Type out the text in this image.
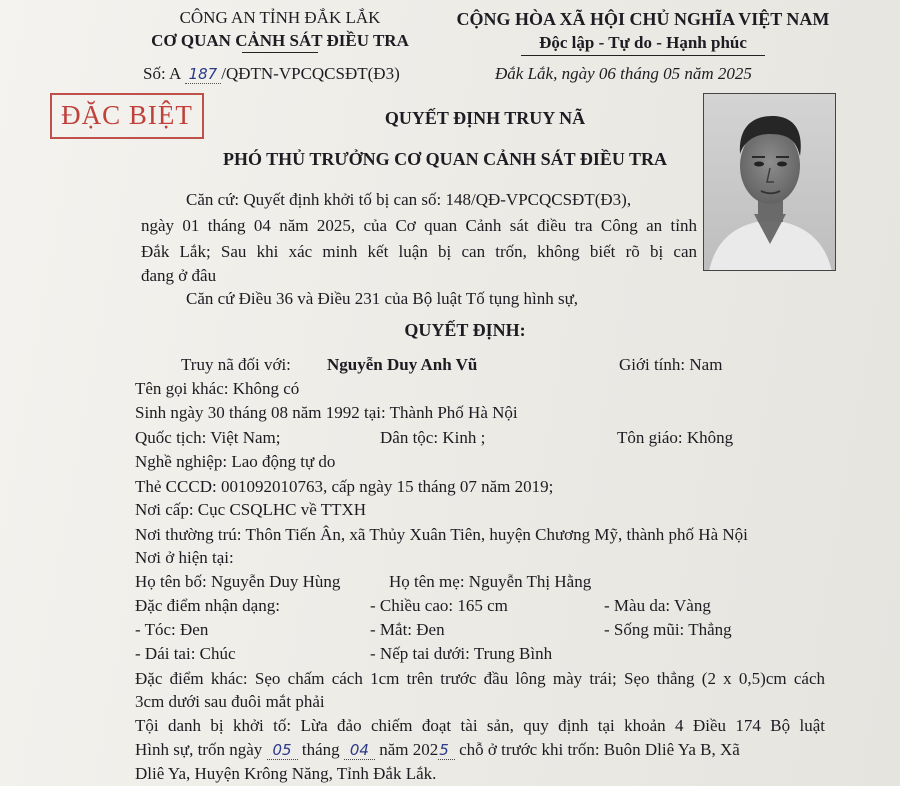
CÔNG AN TỈNH ĐẮK LẮK
CƠ QUAN CẢNH SÁT ĐIỀU TRA
Số: A 187 /QĐTN-VPCQCSĐT(Đ3)
CỘNG HÒA XÃ HỘI CHỦ NGHĨA VIỆT NAM
Độc lập - Tự do - Hạnh phúc
Đắk Lắk, ngày 06 tháng 05 năm 2025
ĐẶC BIỆT	QUYẾT ĐỊNH TRUY NÃ
PHÓ THỦ TRƯỞNG CƠ QUAN CẢNH SÁT ĐIỀU TRA
Căn cứ: Quyết định khởi tố bị can số: 148/QĐ-VPCQCSĐT(Đ3),
ngày 01 tháng 04 năm 2025, của Cơ quan Cảnh sát điều tra Công an tỉnh
Đắk Lắk; Sau khi xác minh kết luận bị can trốn, không biết rõ bị can
đang ở đâu
Căn cứ Điều 36 và Điều 231 của Bộ luật Tố tụng hình sự,
QUYẾT ĐỊNH:
Truy nã đối với: Nguyễn Duy Anh Vũ	Giới tính: Nam
Tên gọi khác: Không có
Sinh ngày 30 tháng 08 năm 1992 tại: Thành Phố Hà Nội
Quốc tịch: Việt Nam;	Dân tộc: Kinh ;	Tôn giáo: Không
Nghề nghiệp: Lao động tự do
Thẻ CCCD: 001092010763, cấp ngày 15 tháng 07 năm 2019;
Nơi cấp: Cục CSQLHC về TTXH
Nơi thường trú: Thôn Tiến Ân, xã Thủy Xuân Tiên, huyện Chương Mỹ, thành phố Hà Nội
Nơi ở hiện tại:
Họ tên bố: Nguyễn Duy Hùng	Họ tên mẹ: Nguyễn Thị Hằng
Đặc điểm nhận dạng:	- Chiều cao: 165 cm	- Màu da: Vàng
- Tóc: Đen	- Mắt: Đen	- Sống mũi: Thẳng
- Dái tai: Chúc	- Nếp tai dưới: Trung Bình
Đặc điểm khác: Sẹo chấm cách 1cm trên trước đầu lông mày trái; Sẹo thẳng (2 x 0,5)cm cách
3cm dưới sau đuôi mắt phải
Tội danh bị khởi tố: Lừa đảo chiếm đoạt tài sản, quy định tại khoản 4 Điều 174 Bộ luật
Hình sự, trốn ngày 05 tháng 04 năm 2025 chỗ ở trước khi trốn: Buôn Dliê Ya B, Xã
Dliê Ya, Huyện Krông Năng, Tỉnh Đắk Lắk.
